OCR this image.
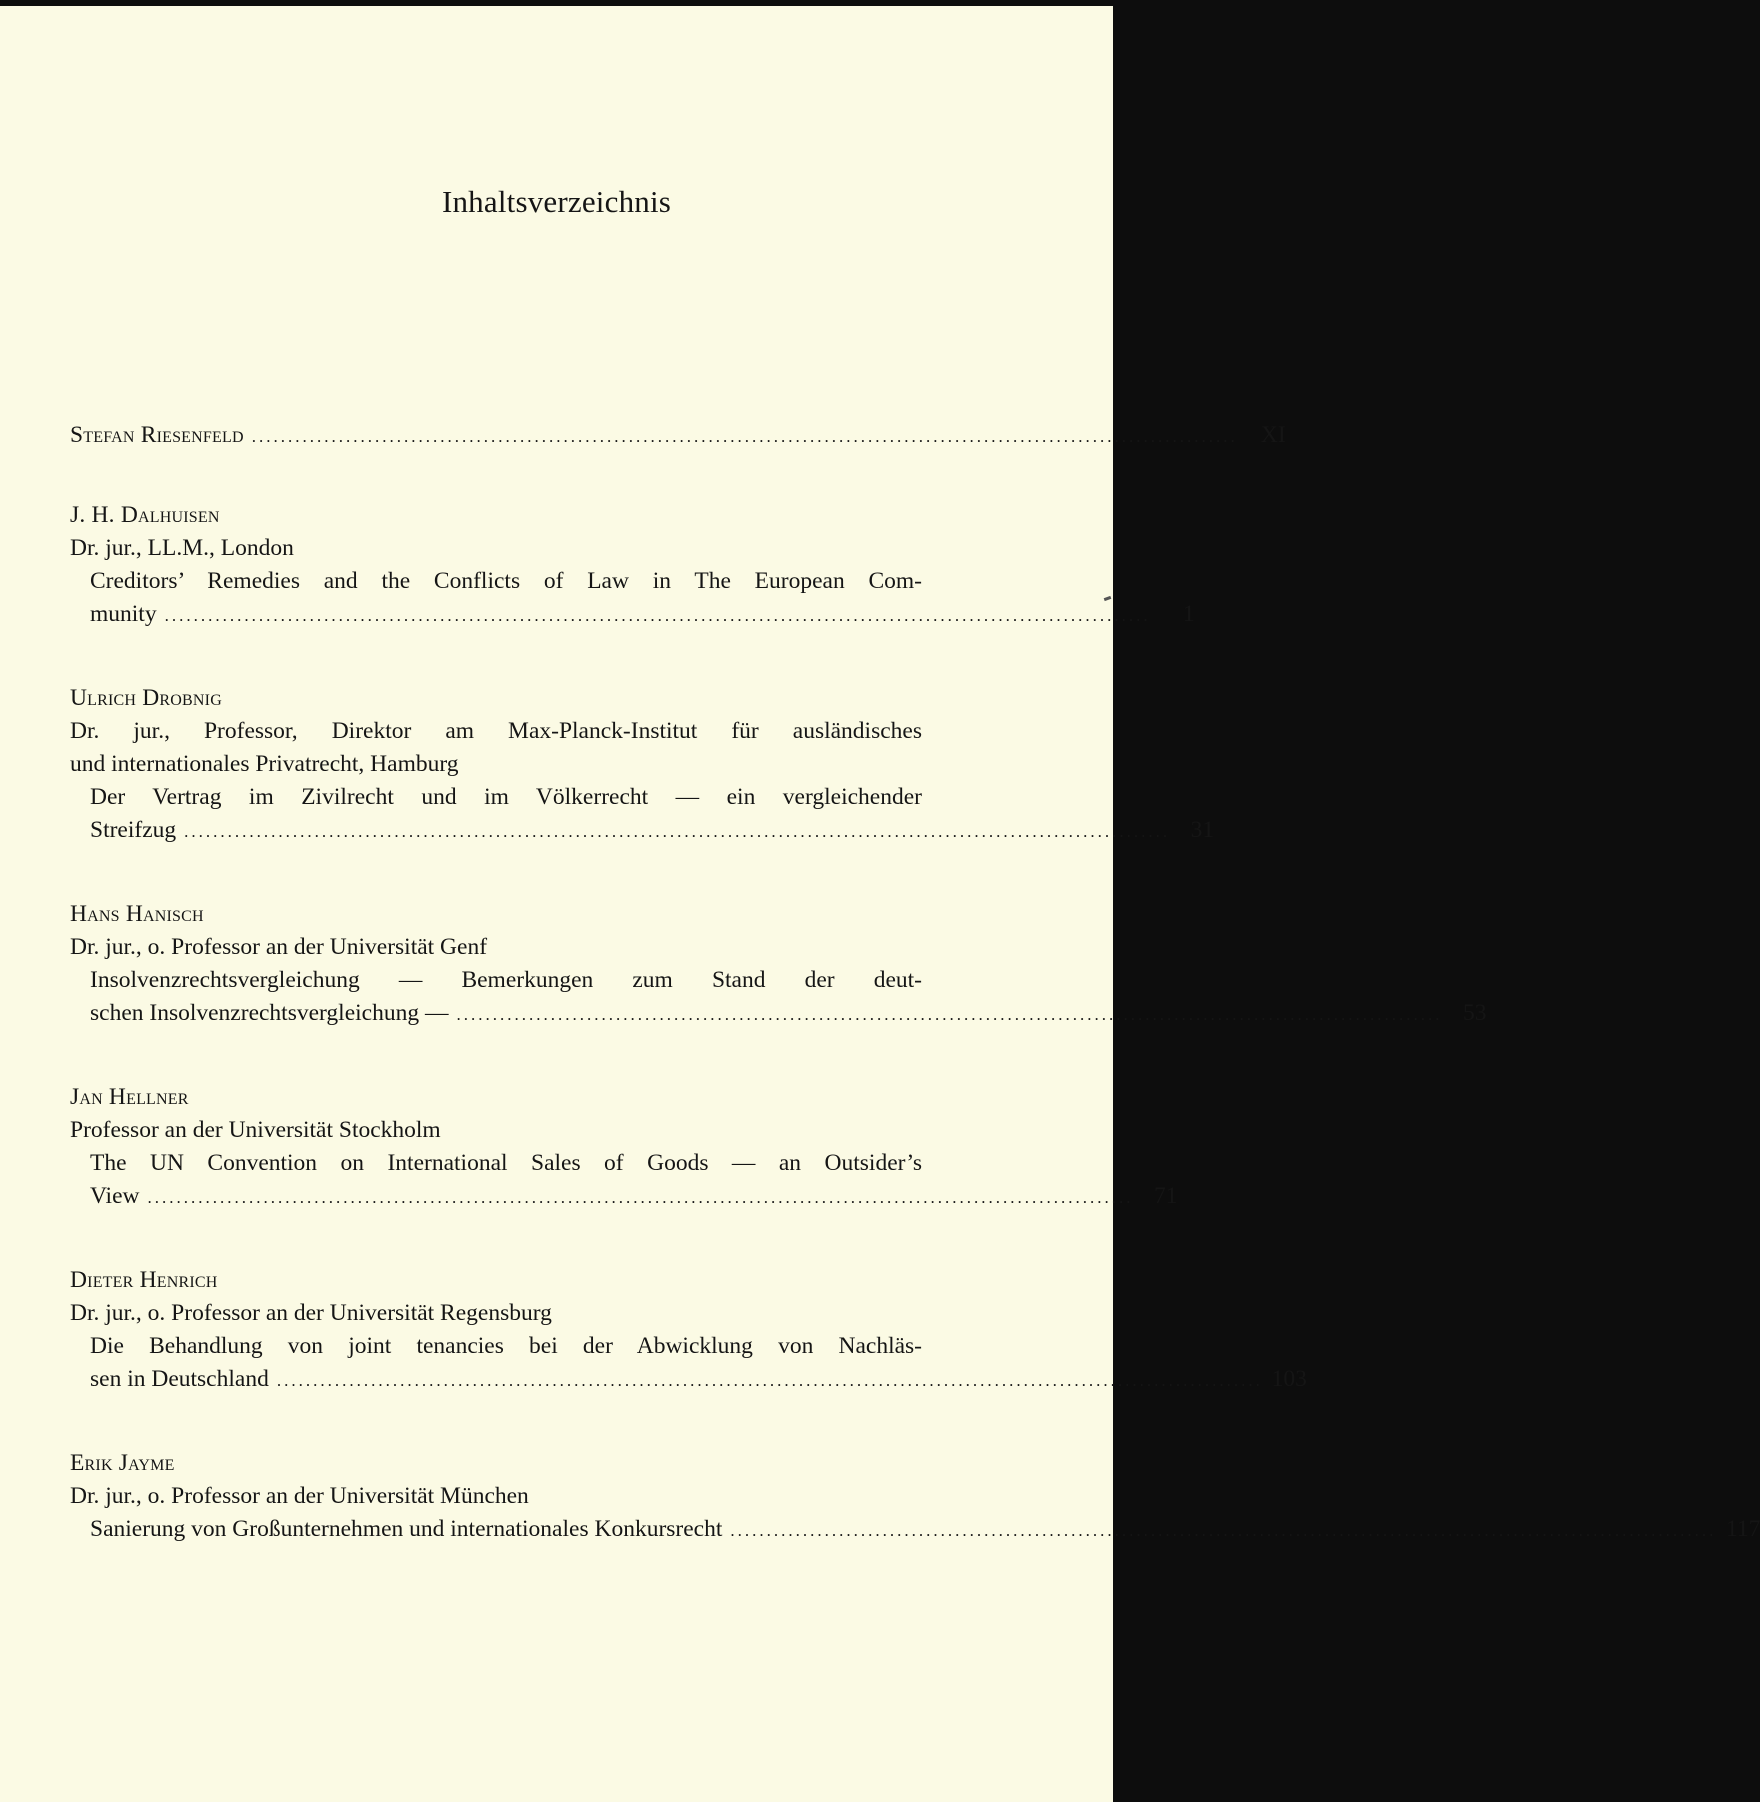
Inhaltsverzeichnis
Stefan Riesenfeld ........................................................................................................................................ XI
J. H. Dalhuisen
Dr. jur., LL.M., London
Creditors’ Remedies and the Conflicts of Law in The European Com-
munity ........................................................................................................................................	1
Ulrich Drobnig
Dr. jur., Professor, Direktor am Max-Planck-Institut für ausländisches
und internationales Privatrecht, Hamburg
Der Vertrag im Zivilrecht und im Völkerrecht — ein vergleichender
Streifzug ........................................................................................................................................ 31
Hans Hanisch
Dr. jur., o. Professor an der Universität Genf
Insolvenzrechtsvergleichung — Bemerkungen zum Stand der deut-
schen Insolvenzrechtsvergleichung — ........................................................................................................................................ 53
Jan Hellner
Professor an der Universität Stockholm
The UN Convention on International Sales of Goods — an Outsider’s
View ........................................................................................................................................ 71
Dieter Henrich
Dr. jur., o. Professor an der Universität Regensburg
Die Behandlung von joint tenancies bei der Abwicklung von Nachläs-
sen in Deutschland ........................................................................................................................................ 103
Erik Jayme
Dr. jur., o. Professor an der Universität München
Sanierung von Großunternehmen und internationales Konkursrecht ........................................................................................................................................ 117
